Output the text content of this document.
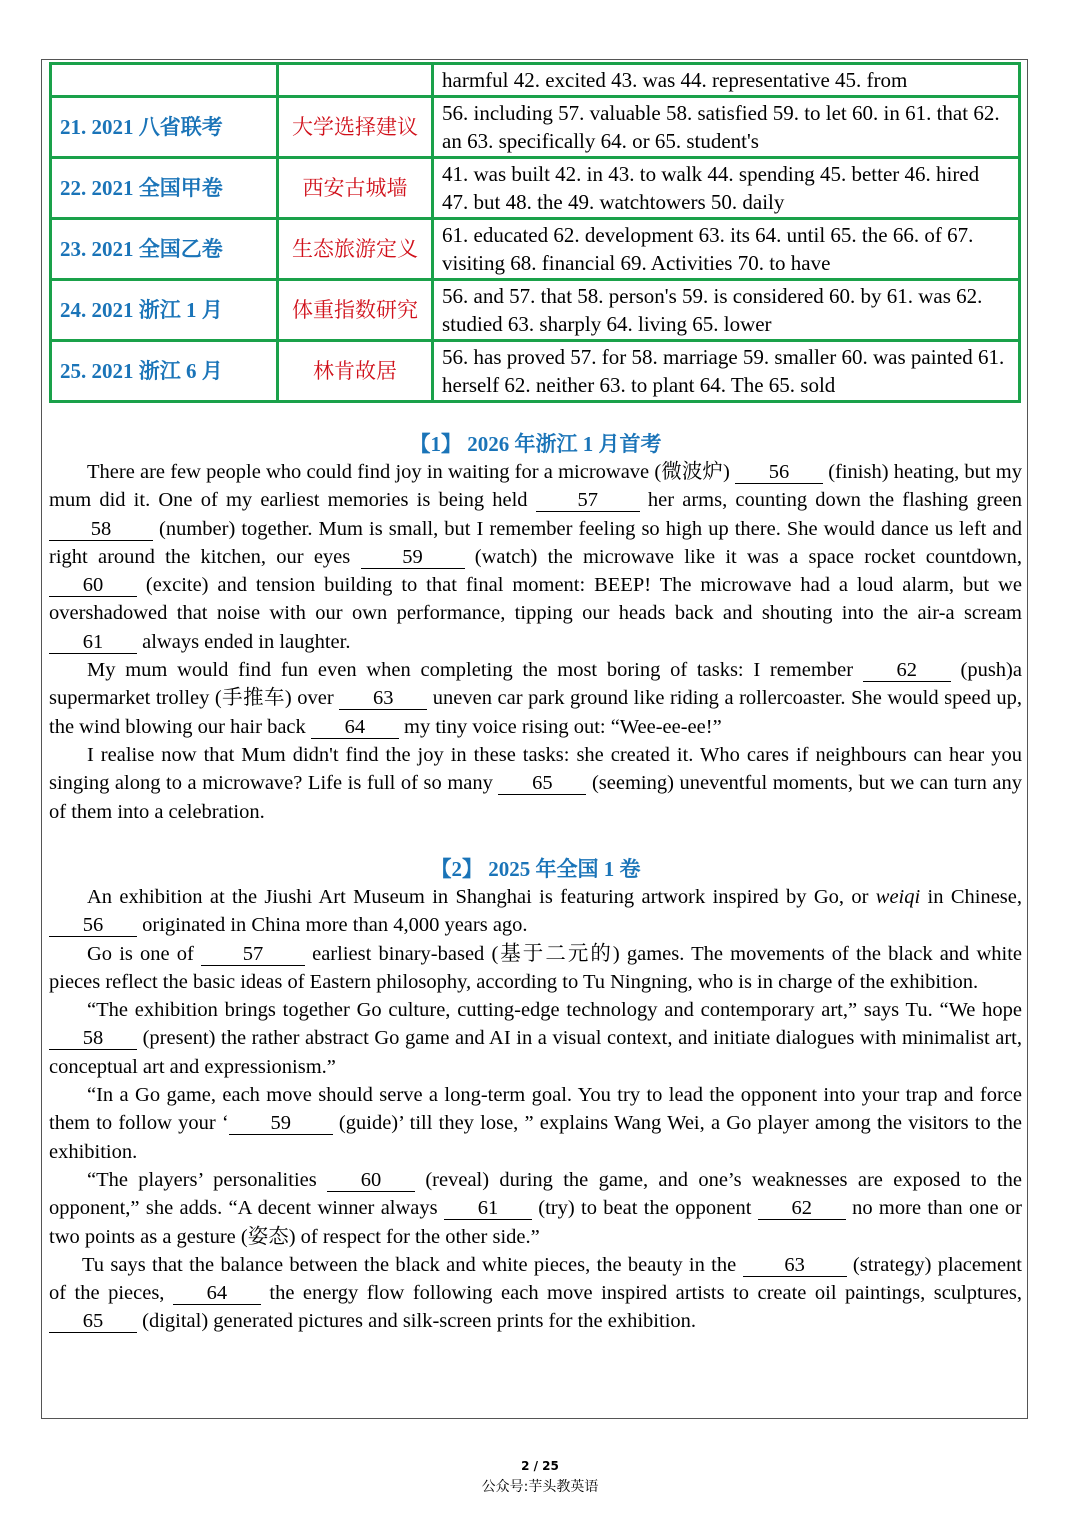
		harmful 42. excited 43. was 44. representative 45. from
21. 2021 八省联考	大学选择建议	56. including 57. valuable 58. satisfied 59. to let 60. in 61. that 62. an 63. specifically 64. or 65. student's
22. 2021 全国甲卷	西安古城墙	41. was built 42. in 43. to walk 44. spending 45. better 46. hired 47. but 48. the 49. watchtowers 50. daily
23. 2021 全国乙卷	生态旅游定义	61. educated 62. development 63. its 64. until 65. the 66. of 67. visiting 68. financial 69. Activities 70. to have
24. 2021 浙江 1 月	体重指数研究	56. and 57. that 58. person's 59. is considered 60. by 61. was 62. studied 63. sharply 64. living 65. lower
25. 2021 浙江 6 月	林肯故居	56. has proved 57. for 58. marriage 59. smaller 60. was painted 61. herself 62. neither 63. to plant 64. The 65. sold

【1】 2026 年浙江 1 月首考

There are few people who could find joy in waiting for a microwave (微波炉) 56 (finish) heating, but my mum did it. One of my earliest memories is being held 57 her arms, counting down the flashing green 58 (number) together. Mum is small, but I remember feeling so high up there. She would dance us left and right around the kitchen, our eyes 59 (watch) the microwave like it was a space rocket countdown, 60 (excite) and tension building to that final moment: BEEP! The microwave had a loud alarm, but we overshadowed that noise with our own performance, tipping our heads back and shouting into the air-a scream 61 always ended in laughter.

My mum would find fun even when completing the most boring of tasks: I remember 62 (push)a supermarket trolley (手推车) over 63 uneven car park ground like riding a rollercoaster. She would speed up, the wind blowing our hair back 64 my tiny voice rising out: “Wee-ee-ee!”

I realise now that Mum didn't find the joy in these tasks: she created it. Who cares if neighbours can hear you singing along to a microwave? Life is full of so many 65 (seeming) uneventful moments, but we can turn any of them into a celebration.

【2】 2025 年全国 1 卷

An exhibition at the Jiushi Art Museum in Shanghai is featuring artwork inspired by Go, or weiqi in Chinese, 56 originated in China more than 4,000 years ago.

Go is one of 57 earliest binary-based (基于二元的) games. The movements of the black and white pieces reflect the basic ideas of Eastern philosophy, according to Tu Ningning, who is in charge of the exhibition.

“The exhibition brings together Go culture, cutting-edge technology and contemporary art,” says Tu. “We hope 58 (present) the rather abstract Go game and AI in a visual context, and initiate dialogues with minimalist art, conceptual art and expressionism.”

“In a Go game, each move should serve a long-term goal. You try to lead the opponent into your trap and force them to follow your ‘ 59 (guide)’ till they lose, ” explains Wang Wei, a Go player among the visitors to the exhibition.

“The players’ personalities 60 (reveal) during the game, and one’s weaknesses are exposed to the opponent,” she adds. “A decent winner always 61 (try) to beat the opponent 62 no more than one or two points as a gesture (姿态) of respect for the other side.”

Tu says that the balance between the black and white pieces, the beauty in the 63 (strategy) placement of the pieces, 64 the energy flow following each move inspired artists to create oil paintings, sculptures, 65 (digital) generated pictures and silk-screen prints for the exhibition.

2 / 25
公众号:芋头教英语
